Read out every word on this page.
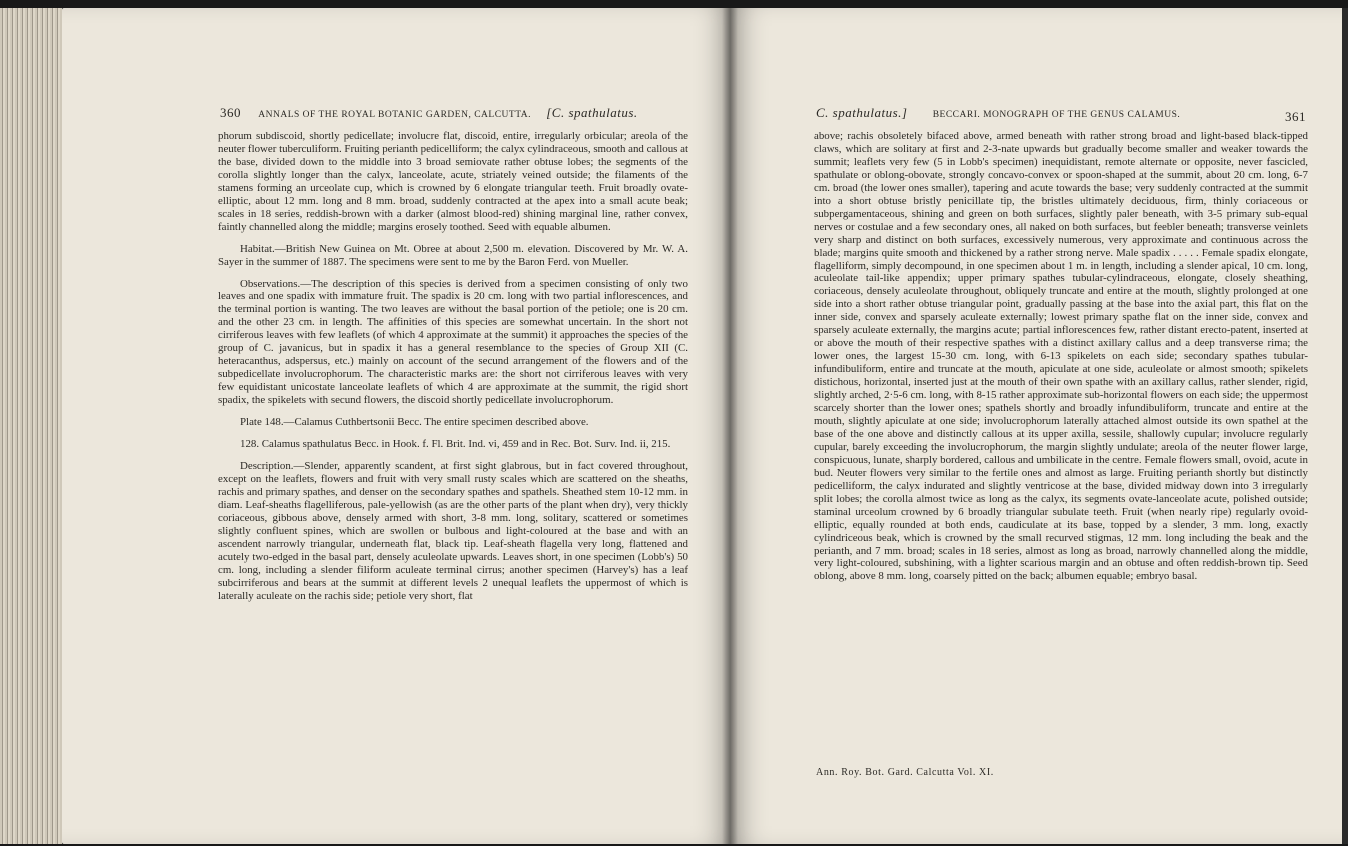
360 ANNALS OF THE ROYAL BOTANIC GARDEN, CALCUTTA. [C. spathulatus.

phorum subdiscoid, shortly pedicellate; involucre flat, discoid, entire, irregularly orbicular; areola of the neuter flower tuberculiform. Fruiting perianth pedicelliform; the calyx cylindraceous, smooth and callous at the base, divided down to the middle into 3 broad semiovate rather obtuse lobes; the segments of the corolla slightly longer than the calyx, lanceolate, acute, striately veined outside; the filaments of the stamens forming an urceolate cup, which is crowned by 6 elongate triangular teeth. Fruit broadly ovate-elliptic, about 12 mm. long and 8 mm. broad, suddenly contracted at the apex into a small acute beak; scales in 18 series, reddish-brown with a darker (almost blood-red) shining marginal line, rather convex, faintly channelled along the middle; margins erosely toothed. Seed with equable albumen.

Habitat.—British New Guinea on Mt. Obree at about 2,500 m. elevation. Discovered by Mr. W. A. Sayer in the summer of 1887. The specimens were sent to me by the Baron Ferd. von Mueller.

Observations.—The description of this species is derived from a specimen consisting of only two leaves and one spadix with immature fruit. The spadix is 20 cm. long with two partial inflorescences, and the terminal portion is wanting. The two leaves are without the basal portion of the petiole; one is 20 cm. and the other 23 cm. in length. The affinities of this species are somewhat uncertain. In the short not cirriferous leaves with few leaflets (of which 4 approximate at the summit) it approaches the species of the group of C. javanicus, but in spadix it has a general resemblance to the species of Group XII (C. heteracanthus, adspersus, etc.) mainly on account of the secund arrangement of the flowers and of the subpedicellate involucrophorum. The characteristic marks are: the short not cirriferous leaves with very few equidistant unicostate lanceolate leaflets of which 4 are approximate at the summit, the rigid short spadix, the spikelets with secund flowers, the discoid shortly pedicellate involucrophorum.

Plate 148.—Calamus Cuthbertsonii Becc. The entire specimen described above.

128. Calamus spathulatus Becc. in Hook. f. Fl. Brit. Ind. vi, 459 and in Rec. Bot. Surv. Ind. ii, 215.

Description.—Slender, apparently scandent, at first sight glabrous, but in fact covered throughout, except on the leaflets, flowers and fruit with very small rusty scales which are scattered on the sheaths, rachis and primary spathes, and denser on the secondary spathes and spathels. Sheathed stem 10-12 mm. in diam. Leaf-sheaths flagelliferous, pale-yellowish (as are the other parts of the plant when dry), very thickly coriaceous, gibbous above, densely armed with short, 3-8 mm. long, solitary, scattered or sometimes slightly confluent spines, which are swollen or bulbous and light-coloured at the base and with an ascendent narrowly triangular, underneath flat, black tip. Leaf-sheath flagella very long, flattened and acutely two-edged in the basal part, densely aculeolate upwards. Leaves short, in one specimen (Lobb's) 50 cm. long, including a slender filiform aculeate terminal cirrus; another specimen (Harvey's) has a leaf subcirriferous and bears at the summit at different levels 2 unequal leaflets the uppermost of which is laterally aculeate on the rachis side; petiole very short, flat

C. spathulatus.]	BECCARI. MONOGRAPH OF THE GENUS CALAMUS.	361

above; rachis obsoletely bifaced above, armed beneath with rather strong broad and light-based black-tipped claws, which are solitary at first and 2-3-nate upwards but gradually become smaller and weaker towards the summit; leaflets very few (5 in Lobb's specimen) inequidistant, remote alternate or opposite, never fascicled, spathulate or oblong-obovate, strongly concavo-convex or spoon-shaped at the summit, about 20 cm. long, 6-7 cm. broad (the lower ones smaller), tapering and acute towards the base; very suddenly contracted at the summit into a short obtuse bristly penicillate tip, the bristles ultimately deciduous, firm, thinly coriaceous or subpergamentaceous, shining and green on both surfaces, slightly paler beneath, with 3-5 primary sub-equal nerves or costulae and a few secondary ones, all naked on both surfaces, but feebler beneath; transverse veinlets very sharp and distinct on both surfaces, excessively numerous, very approximate and continuous across the blade; margins quite smooth and thickened by a rather strong nerve. Male spadix . . . . . Female spadix elongate, flagelliform, simply decompound, in one specimen about 1 m. in length, including a slender apical, 10 cm. long, aculeolate tail-like appendix; upper primary spathes tubular-cylindraceous, elongate, closely sheathing, coriaceous, densely aculeolate throughout, obliquely truncate and entire at the mouth, slightly prolonged at one side into a short rather obtuse triangular point, gradually passing at the base into the axial part, this flat on the inner side, convex and sparsely aculeate externally; lowest primary spathe flat on the inner side, convex and sparsely aculeate externally, the margins acute; partial inflorescences few, rather distant erecto-patent, inserted at or above the mouth of their respective spathes with a distinct axillary callus and a deep transverse rima; the lower ones, the largest 15-30 cm. long, with 6-13 spikelets on each side; secondary spathes tubular-infundibuliform, entire and truncate at the mouth, apiculate at one side, aculeolate or almost smooth; spikelets distichous, horizontal, inserted just at the mouth of their own spathe with an axillary callus, rather slender, rigid, slightly arched, 2·5-6 cm. long, with 8-15 rather approximate sub-horizontal flowers on each side; the uppermost scarcely shorter than the lower ones; spathels shortly and broadly infundibuliform, truncate and entire at the mouth, slightly apiculate at one side; involucrophorum laterally attached almost outside its own spathel at the base of the one above and distinctly callous at its upper axilla, sessile, shallowly cupular; involucre regularly cupular, barely exceeding the involucrophorum, the margin slightly undulate; areola of the neuter flower large, conspicuous, lunate, sharply bordered, callous and umbilicate in the centre. Female flowers small, ovoid, acute in bud. Neuter flowers very similar to the fertile ones and almost as large. Fruiting perianth shortly but distinctly pedicelliform, the calyx indurated and slightly ventricose at the base, divided midway down into 3 irregularly split lobes; the corolla almost twice as long as the calyx, its segments ovate-lanceolate acute, polished outside; staminal urceolum crowned by 6 broadly triangular subulate teeth. Fruit (when nearly ripe) regularly ovoid-elliptic, equally rounded at both ends, caudiculate at its base, topped by a slender, 3 mm. long, exactly cylindriceous beak, which is crowned by the small recurved stigmas, 12 mm. long including the beak and the perianth, and 7 mm. broad; scales in 18 series, almost as long as broad, narrowly channelled along the middle, very light-coloured, subshining, with a lighter scarious margin and an obtuse and often reddish-brown tip. Seed oblong, above 8 mm. long, coarsely pitted on the back; albumen equable; embryo basal.

Ann. Roy. Bot. Gard. Calcutta Vol. XI.
